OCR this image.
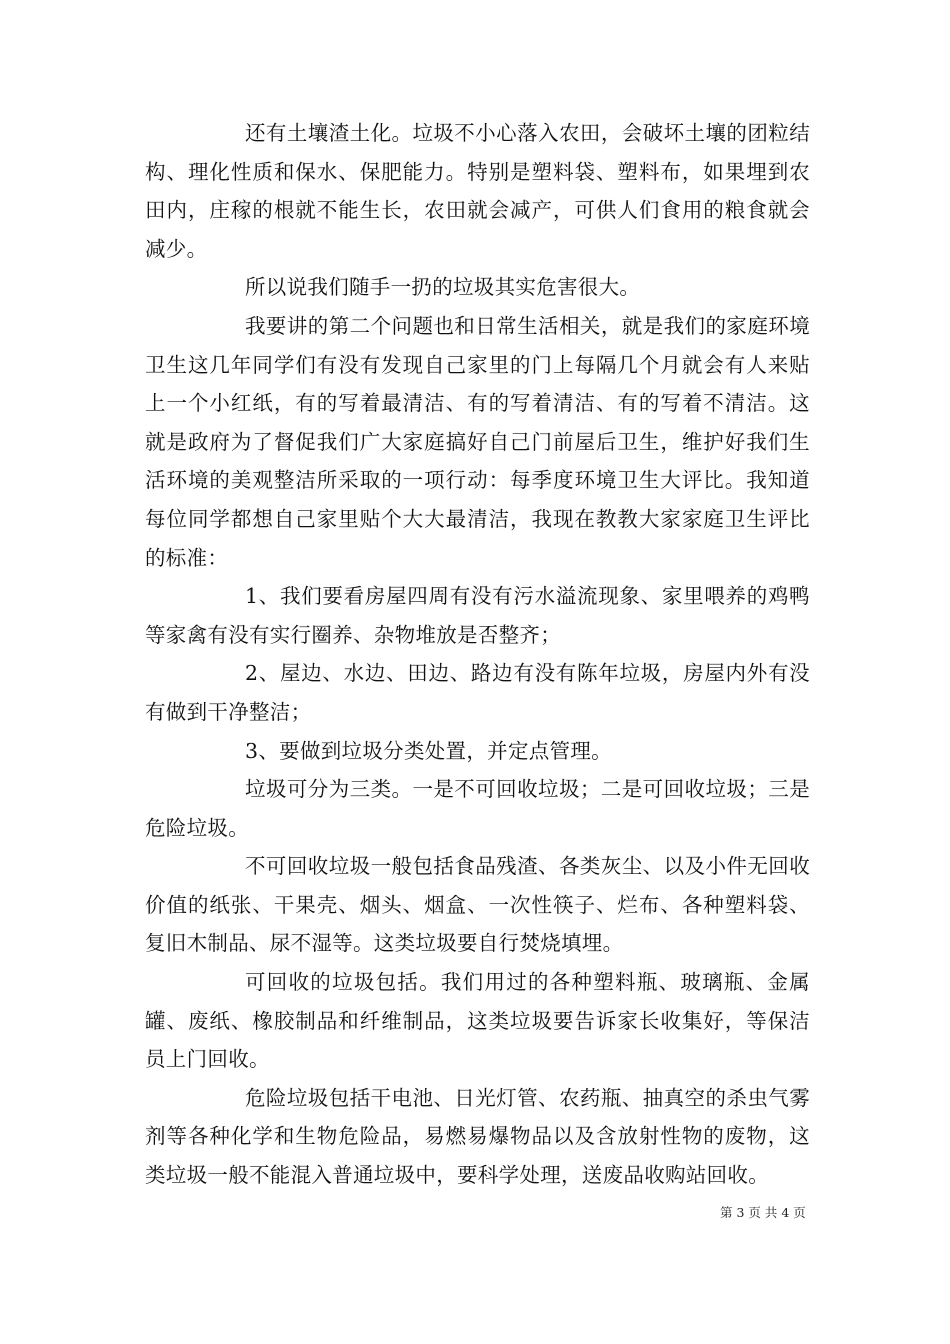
还有土壤渣土化。垃圾不小心落入农田，会破坏土壤的团粒结构、理化性质和保水、保肥能力。特别是塑料袋、塑料布，如果埋到农田内，庄稼的根就不能生长，农田就会减产，可供人们食用的粮食就会减少。

所以说我们随手一扔的垃圾其实危害很大。

我要讲的第二个问题也和日常生活相关，就是我们的家庭环境卫生这几年同学们有没有发现自己家里的门上每隔几个月就会有人来贴上一个小红纸，有的写着最清洁、有的写着清洁、有的写着不清洁。这就是政府为了督促我们广大家庭搞好自己门前屋后卫生，维护好我们生活环境的美观整洁所采取的一项行动：每季度环境卫生大评比。我知道每位同学都想自己家里贴个大大最清洁，我现在教教大家家庭卫生评比的标准：

1、我们要看房屋四周有没有污水溢流现象、家里喂养的鸡鸭等家禽有没有实行圈养、杂物堆放是否整齐；

2、屋边、水边、田边、路边有没有陈年垃圾，房屋内外有没有做到干净整洁；

3、要做到垃圾分类处置，并定点管理。

垃圾可分为三类。一是不可回收垃圾；二是可回收垃圾；三是危险垃圾。

不可回收垃圾一般包括食品残渣、各类灰尘、以及小件无回收价值的纸张、干果壳、烟头、烟盒、一次性筷子、烂布、各种塑料袋、复旧木制品、尿不湿等。这类垃圾要自行焚烧填埋。

可回收的垃圾包括。我们用过的各种塑料瓶、玻璃瓶、金属罐、废纸、橡胶制品和纤维制品，这类垃圾要告诉家长收集好，等保洁员上门回收。

危险垃圾包括干电池、日光灯管、农药瓶、抽真空的杀虫气雾剂等各种化学和生物危险品，易燃易爆物品以及含放射性物的废物，这类垃圾一般不能混入普通垃圾中，要科学处理，送废品收购站回收。

第 3 页 共 4 页
